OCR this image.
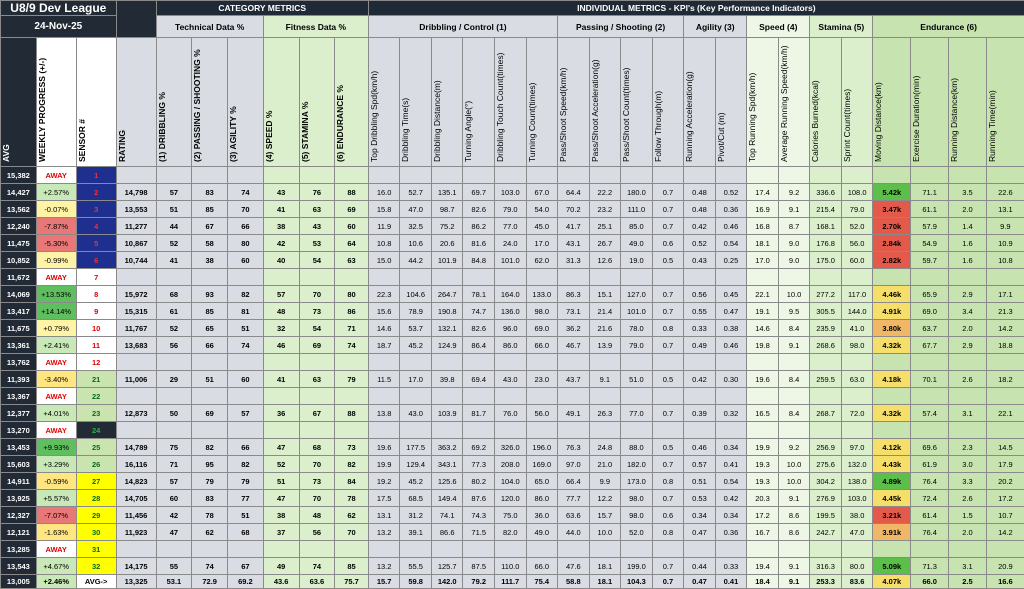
U8/9 Dev League				CATEGORY METRICS						INDIVIDUAL METRICS - KPI's (Key Performance Indicators)																			
24-Nov-25				Technical Data %			Fitness Data %			Dribbling / Control (1)						Passing / Shooting (2)				Agility (3)		Speed (4)		Stamina (5)		Endurance (6)			

AVG	WEEKLY PROGRESS (+/-)	SENSOR #	RATING	(1) DRIBBLING %	(2) PASSING / SHOOTING %	(3) AGILITY %	(4) SPEED %	(5) STAMINA %	(6) ENDURANCE %	Top Dribbling Spd(km/h)	Dribbling Time(s)	Dribbling Distance(m)	Turning Angle(°)	Dribbling Touch Count(times)	Turning Count(times)	Pass/Shoot Speed(km/h)	Pass/Shoot Acceleration(g)	Pass/Shoot Count(times)	Follow Through(m)	Running Acceleration(g)	Pivot/Cut (m)	Top Running Spd(km/h)	Average Running Speed(km/h)	Calories Burned(kcal)	Sprint Count(times)	Moving Distance(km)	Exercise Duration(min)	Running Distance(km)	Running Time(min)

15,382	AWAY	1																											
14,427	+2.57%	2	14,798	57	83	74	43	76	88	16.0	52.7	135.1	69.7	103.0	67.0	64.4	22.2	180.0	0.7	0.48	0.52	17.4	9.2	336.6	108.0	5.42k	71.1	3.5	22.6
13,562	-0.07%	3	13,553	51	85	70	41	63	69	15.8	47.0	98.7	82.6	79.0	54.0	70.2	23.2	111.0	0.7	0.48	0.36	16.9	9.1	215.4	79.0	3.47k	61.1	2.0	13.1
12,240	-7.87%	4	11,277	44	67	66	38	43	60	11.9	32.5	75.2	86.2	77.0	45.0	41.7	25.1	85.0	0.7	0.42	0.46	16.8	8.7	168.1	52.0	2.70k	57.9	1.4	9.9
11,475	-5.30%	5	10,867	52	58	80	42	53	64	10.8	10.6	20.6	81.6	24.0	17.0	43.1	26.7	49.0	0.6	0.52	0.54	18.1	9.0	176.8	56.0	2.84k	54.9	1.6	10.9
10,852	-0.99%	6	10,744	41	38	60	40	54	63	15.0	44.2	101.9	84.8	101.0	62.0	31.3	12.6	19.0	0.5	0.43	0.25	17.0	9.0	175.0	60.0	2.82k	59.7	1.6	10.8
11,672	AWAY	7																											
14,069	+13.53%	8	15,972	68	93	82	57	70	80	22.3	104.6	264.7	78.1	164.0	133.0	86.3	15.1	127.0	0.7	0.56	0.45	22.1	10.0	277.2	117.0	4.46k	65.9	2.9	17.1
13,417	+14.14%	9	15,315	61	85	81	48	73	86	15.6	78.9	190.8	74.7	136.0	98.0	73.1	21.4	101.0	0.7	0.55	0.47	19.1	9.5	305.5	144.0	4.91k	69.0	3.4	21.3
11,675	+0.79%	10	11,767	52	65	51	32	54	71	14.6	53.7	132.1	82.6	96.0	69.0	36.2	21.6	78.0	0.8	0.33	0.38	14.6	8.4	235.9	41.0	3.80k	63.7	2.0	14.2
13,361	+2.41%	11	13,683	56	66	74	46	69	74	18.7	45.2	124.9	86.4	86.0	66.0	46.7	13.9	79.0	0.7	0.49	0.46	19.8	9.1	268.6	98.0	4.32k	67.7	2.9	18.8
13,762	AWAY	12																											
11,393	-3.40%	21	11,006	29	51	60	41	63	79	11.5	17.0	39.8	69.4	43.0	23.0	43.7	9.1	51.0	0.5	0.42	0.30	19.6	8.4	259.5	63.0	4.18k	70.1	2.6	18.2
13,367	AWAY	22																											
12,377	+4.01%	23	12,873	50	69	57	36	67	88	13.8	43.0	103.9	81.7	76.0	56.0	49.1	26.3	77.0	0.7	0.39	0.32	16.5	8.4	268.7	72.0	4.32k	57.4	3.1	22.1
13,270	AWAY	24																											
13,453	+9.93%	25	14,789	75	82	66	47	68	73	19.6	177.5	363.2	69.2	326.0	196.0	76.3	24.8	88.0	0.5	0.46	0.34	19.9	9.2	256.9	97.0	4.12k	69.6	2.3	14.5
15,603	+3.29%	26	16,116	71	95	82	52	70	82	19.9	129.4	343.1	77.3	208.0	169.0	97.0	21.0	182.0	0.7	0.57	0.41	19.3	10.0	275.6	132.0	4.43k	61.9	3.0	17.9
14,911	-0.59%	27	14,823	57	79	79	51	73	84	19.2	45.2	125.6	80.2	104.0	65.0	66.4	9.9	173.0	0.8	0.51	0.54	19.3	10.0	304.2	138.0	4.89k	76.4	3.3	20.2
13,925	+5.57%	28	14,705	60	83	77	47	70	78	17.5	68.5	149.4	87.6	120.0	86.0	77.7	12.2	98.0	0.7	0.53	0.42	20.3	9.1	276.9	103.0	4.45k	72.4	2.6	17.2
12,327	-7.07%	29	11,456	42	78	51	38	48	62	13.1	31.2	74.1	74.3	75.0	36.0	63.6	15.7	98.0	0.6	0.34	0.34	17.2	8.6	199.5	38.0	3.21k	61.4	1.5	10.7
12,121	-1.63%	30	11,923	47	62	68	37	56	70	13.2	39.1	86.6	71.5	82.0	49.0	44.0	10.0	52.0	0.8	0.47	0.36	16.7	8.6	242.7	47.0	3.91k	76.4	2.0	14.2
13,285	AWAY	31																											
13,543	+4.67%	32	14,175	55	74	67	49	74	85	13.2	55.5	125.7	87.5	110.0	66.0	47.6	18.1	199.0	0.7	0.44	0.33	19.4	9.1	316.3	80.0	5.09k	71.3	3.1	20.9
13,005	+2.46%	AVG->	13,325	53.1	72.9	69.2	43.6	63.6	75.7	15.7	59.8	142.0	79.2	111.7	75.4	58.8	18.1	104.3	0.7	0.47	0.41	18.4	9.1	253.3	83.6	4.07k	66.0	2.5	16.6
